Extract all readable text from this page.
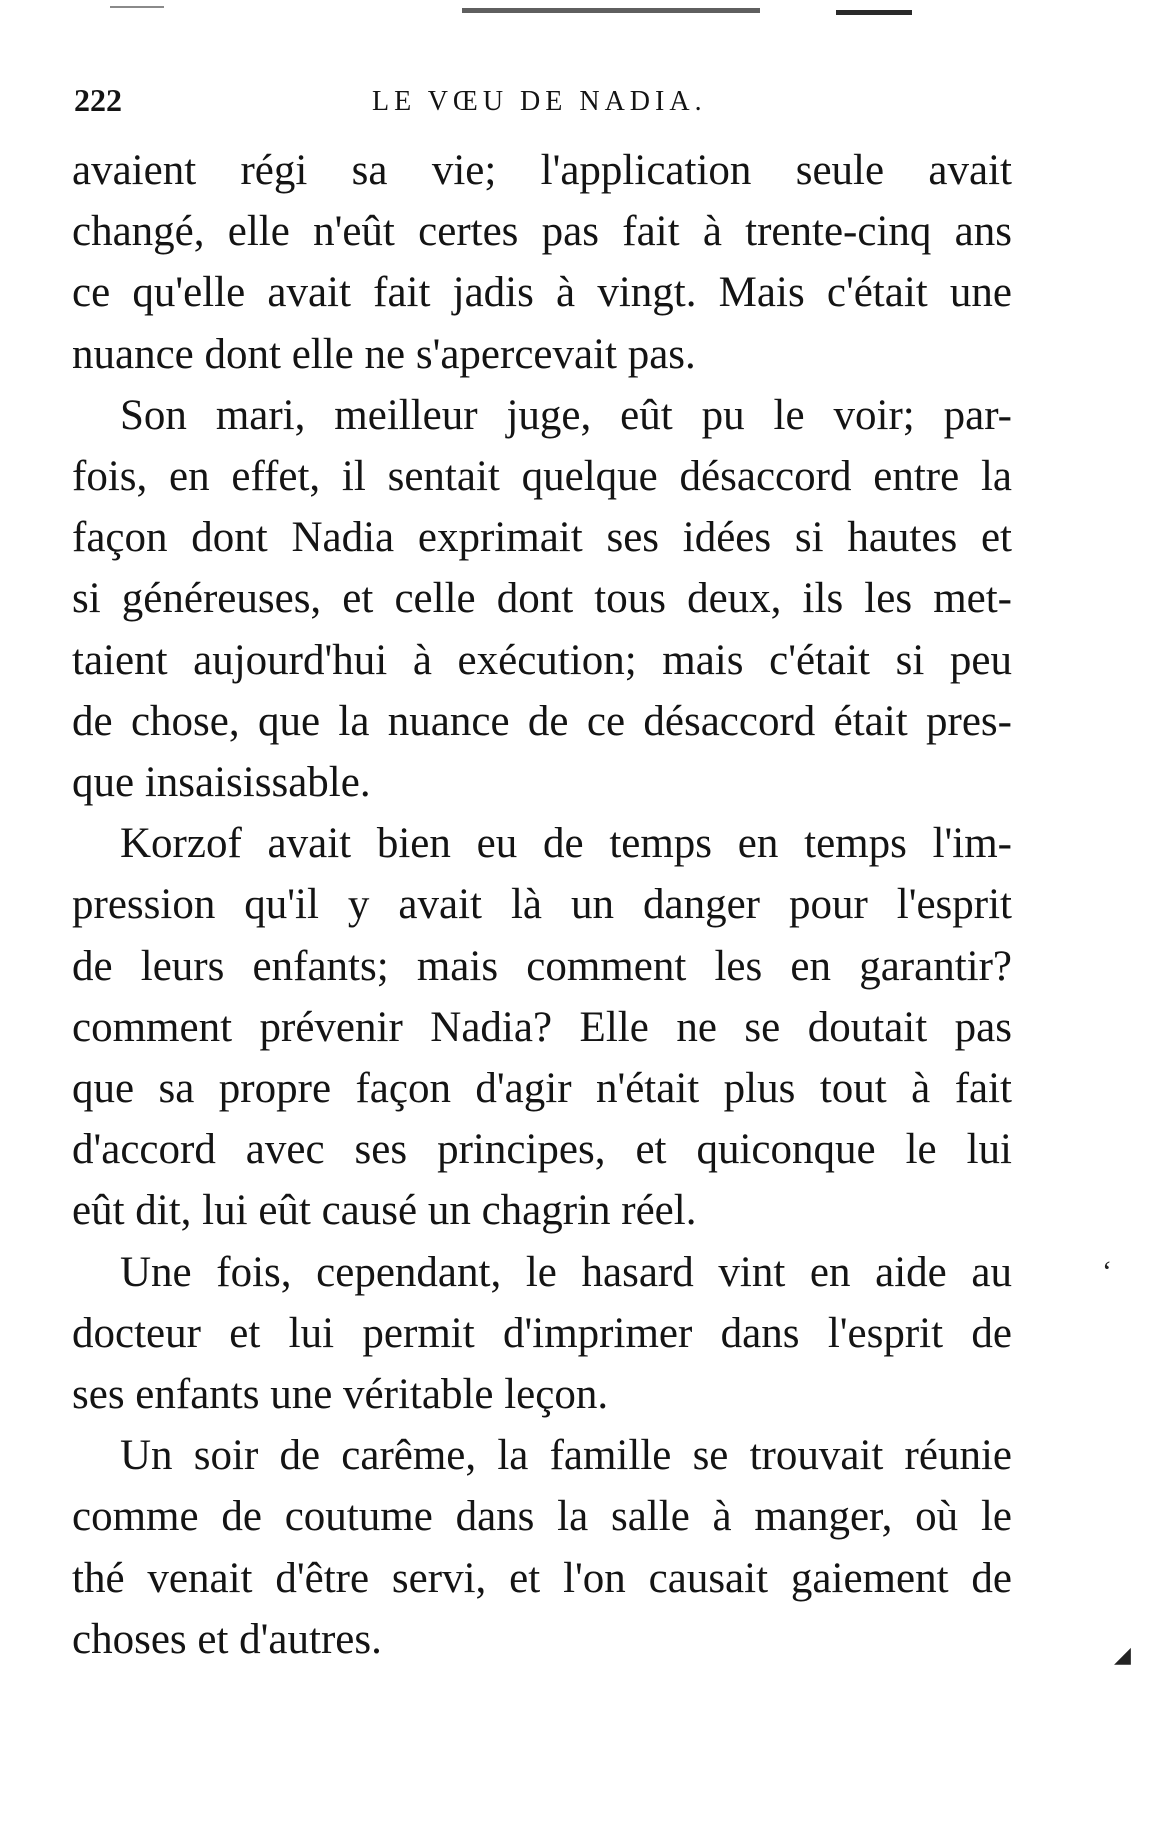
222	LE VŒU DE NADIA.

avaient régi sa vie; l'application seule avait
changé, elle n'eût certes pas fait à trente-cinq ans
ce qu'elle avait fait jadis à vingt. Mais c'était une
nuance dont elle ne s'apercevait pas.

Son mari, meilleur juge, eût pu le voir; par-
fois, en effet, il sentait quelque désaccord entre la
façon dont Nadia exprimait ses idées si hautes et
si généreuses, et celle dont tous deux, ils les met-
taient aujourd'hui à exécution; mais c'était si peu
de chose, que la nuance de ce désaccord était pres-
que insaisissable.

Korzof avait bien eu de temps en temps l'im-
pression qu'il y avait là un danger pour l'esprit
de leurs enfants; mais comment les en garantir?
comment prévenir Nadia? Elle ne se doutait pas
que sa propre façon d'agir n'était plus tout à fait
d'accord avec ses principes, et quiconque le lui
eût dit, lui eût causé un chagrin réel.

Une fois, cependant, le hasard vint en aide au
docteur et lui permit d'imprimer dans l'esprit de
ses enfants une véritable leçon.

Un soir de carême, la famille se trouvait réunie
comme de coutume dans la salle à manger, où le
thé venait d'être servi, et l'on causait gaiement de
choses et d'autres.

‘
◢
